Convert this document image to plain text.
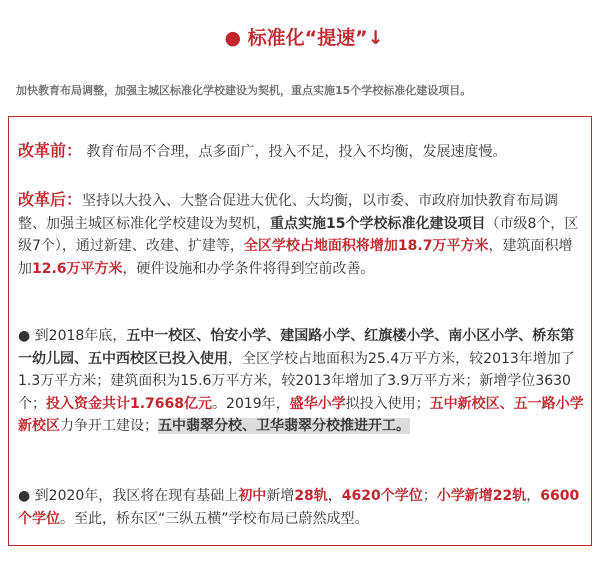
● 标准化“提速”↓
加快教育布局调整，加强主城区标准化学校建设为契机，重点实施15个学校标准化建设项目。
改革前： 教育布局不合理，点多面广，投入不足，投入不均衡，发展速度慢。
改革后：坚持以大投入、大整合促进大优化、大均衡，以市委、市政府加快教育布局调整、加强主城区标准化学校建设为契机，重点实施15个学校标准化建设项目（市级8个，区级7个），通过新建、改建、扩建等，全区学校占地面积将增加18.7万平方米，建筑面积增加12.6万平方米，硬件设施和办学条件将得到空前改善。
● 到2018年底，五中一校区、怡安小学、建国路小学、红旗楼小学、南小区小学、桥东第一幼儿园、五中西校区已投入使用，全区学校占地面积为25.4万平方米，较2013年增加了1.3万平方米；建筑面积为15.6万平方米，较2013年增加了3.9万平方米；新增学位3630个；投入资金共计1.7668亿元。2019年，盛华小学拟投入使用；五中新校区、五一路小学新校区力争开工建设；五中翡翠分校、卫华翡翠分校推进开工。
● 到2020年，我区将在现有基础上初中新增28轨，4620个学位；小学新增22轨，6600个学位。至此，桥东区“三纵五横”学校布局已蔚然成型。
